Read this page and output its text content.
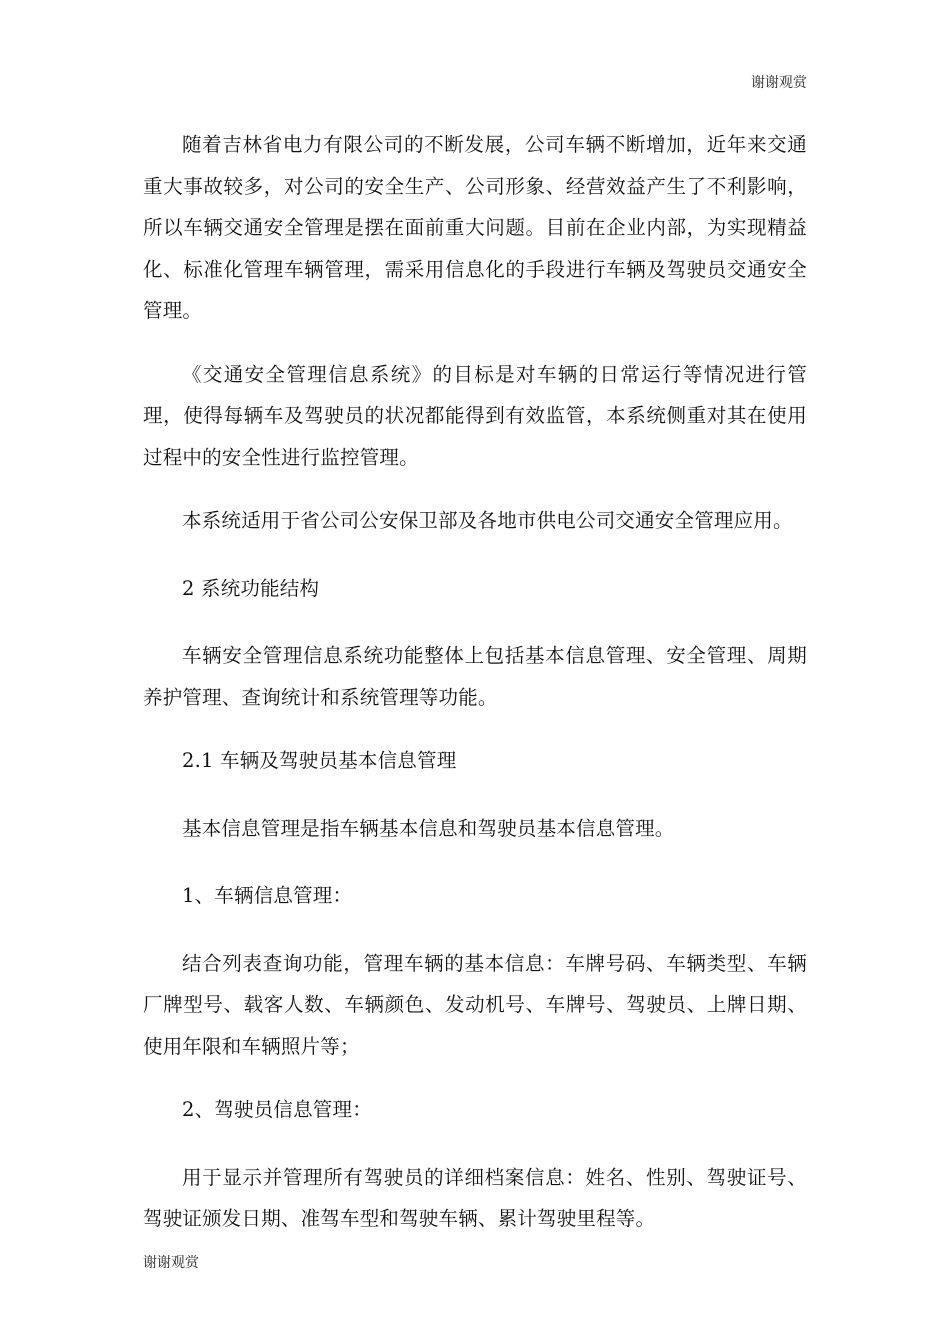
谢谢观赏

随着吉林省电力有限公司的不断发展，公司车辆不断增加，近年来交通重大事故较多，对公司的安全生产、公司形象、经营效益产生了不利影响，所以车辆交通安全管理是摆在面前重大问题。目前在企业内部，为实现精益化、标准化管理车辆管理，需采用信息化的手段进行车辆及驾驶员交通安全管理。

《交通安全管理信息系统》的目标是对车辆的日常运行等情况进行管理，使得每辆车及驾驶员的状况都能得到有效监管，本系统侧重对其在使用过程中的安全性进行监控管理。

本系统适用于省公司公安保卫部及各地市供电公司交通安全管理应用。

2 系统功能结构

车辆安全管理信息系统功能整体上包括基本信息管理、安全管理、周期养护管理、查询统计和系统管理等功能。

2.1 车辆及驾驶员基本信息管理

基本信息管理是指车辆基本信息和驾驶员基本信息管理。

1、车辆信息管理：

结合列表查询功能，管理车辆的基本信息：车牌号码、车辆类型、车辆厂牌型号、载客人数、车辆颜色、发动机号、车牌号、驾驶员、上牌日期、使用年限和车辆照片等；

2、驾驶员信息管理：

用于显示并管理所有驾驶员的详细档案信息：姓名、性别、驾驶证号、驾驶证颁发日期、准驾车型和驾驶车辆、累计驾驶里程等。

谢谢观赏
